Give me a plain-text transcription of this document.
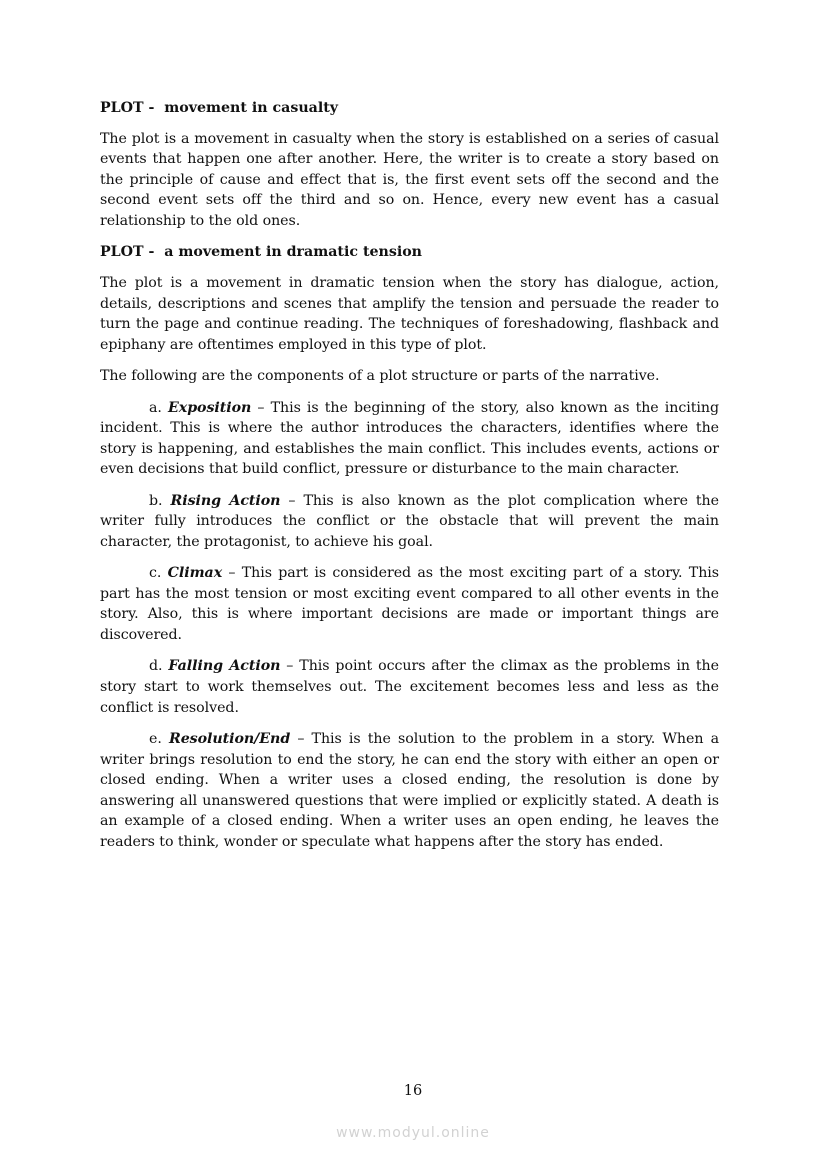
PLOT -  movement in casualty

The plot is a movement in casualty when the story is established on a series of casual events that happen one after another. Here, the writer is to create a story based on the principle of cause and effect that is, the first event sets off the second and the second event sets off the third and so on. Hence, every new event has a casual relationship to the old ones.

PLOT -  a movement in dramatic tension

The plot is a movement in dramatic tension when the story has dialogue, action, details, descriptions and scenes that amplify the tension and persuade the reader to turn the page and continue reading. The techniques of foreshadowing, flashback and epiphany are oftentimes employed in this type of plot.

The following are the components of a plot structure or parts of the narrative.

a. Exposition – This is the beginning of the story, also known as the inciting incident. This is where the author introduces the characters, identifies where the story is happening, and establishes the main conflict. This includes events, actions or even decisions that build conflict, pressure or disturbance to the main character.

b. Rising Action – This is also known as the plot complication where the writer fully introduces the conflict or the obstacle that will prevent the main character, the protagonist, to achieve his goal.

c. Climax – This part is considered as the most exciting part of a story. This part has the most tension or most exciting event compared to all other events in the story. Also, this is where important decisions are made or important things are discovered.

d. Falling Action – This point occurs after the climax as the problems in the story start to work themselves out. The excitement becomes less and less as the conflict is resolved.

e. Resolution/End – This is the solution to the problem in a story. When a writer brings resolution to end the story, he can end the story with either an open or closed ending. When a writer uses a closed ending, the resolution is done by answering all unanswered questions that were implied or explicitly stated. A death is an example of a closed ending. When a writer uses an open ending, he leaves the readers to think, wonder or speculate what happens after the story has ended.

16
www.modyul.online
